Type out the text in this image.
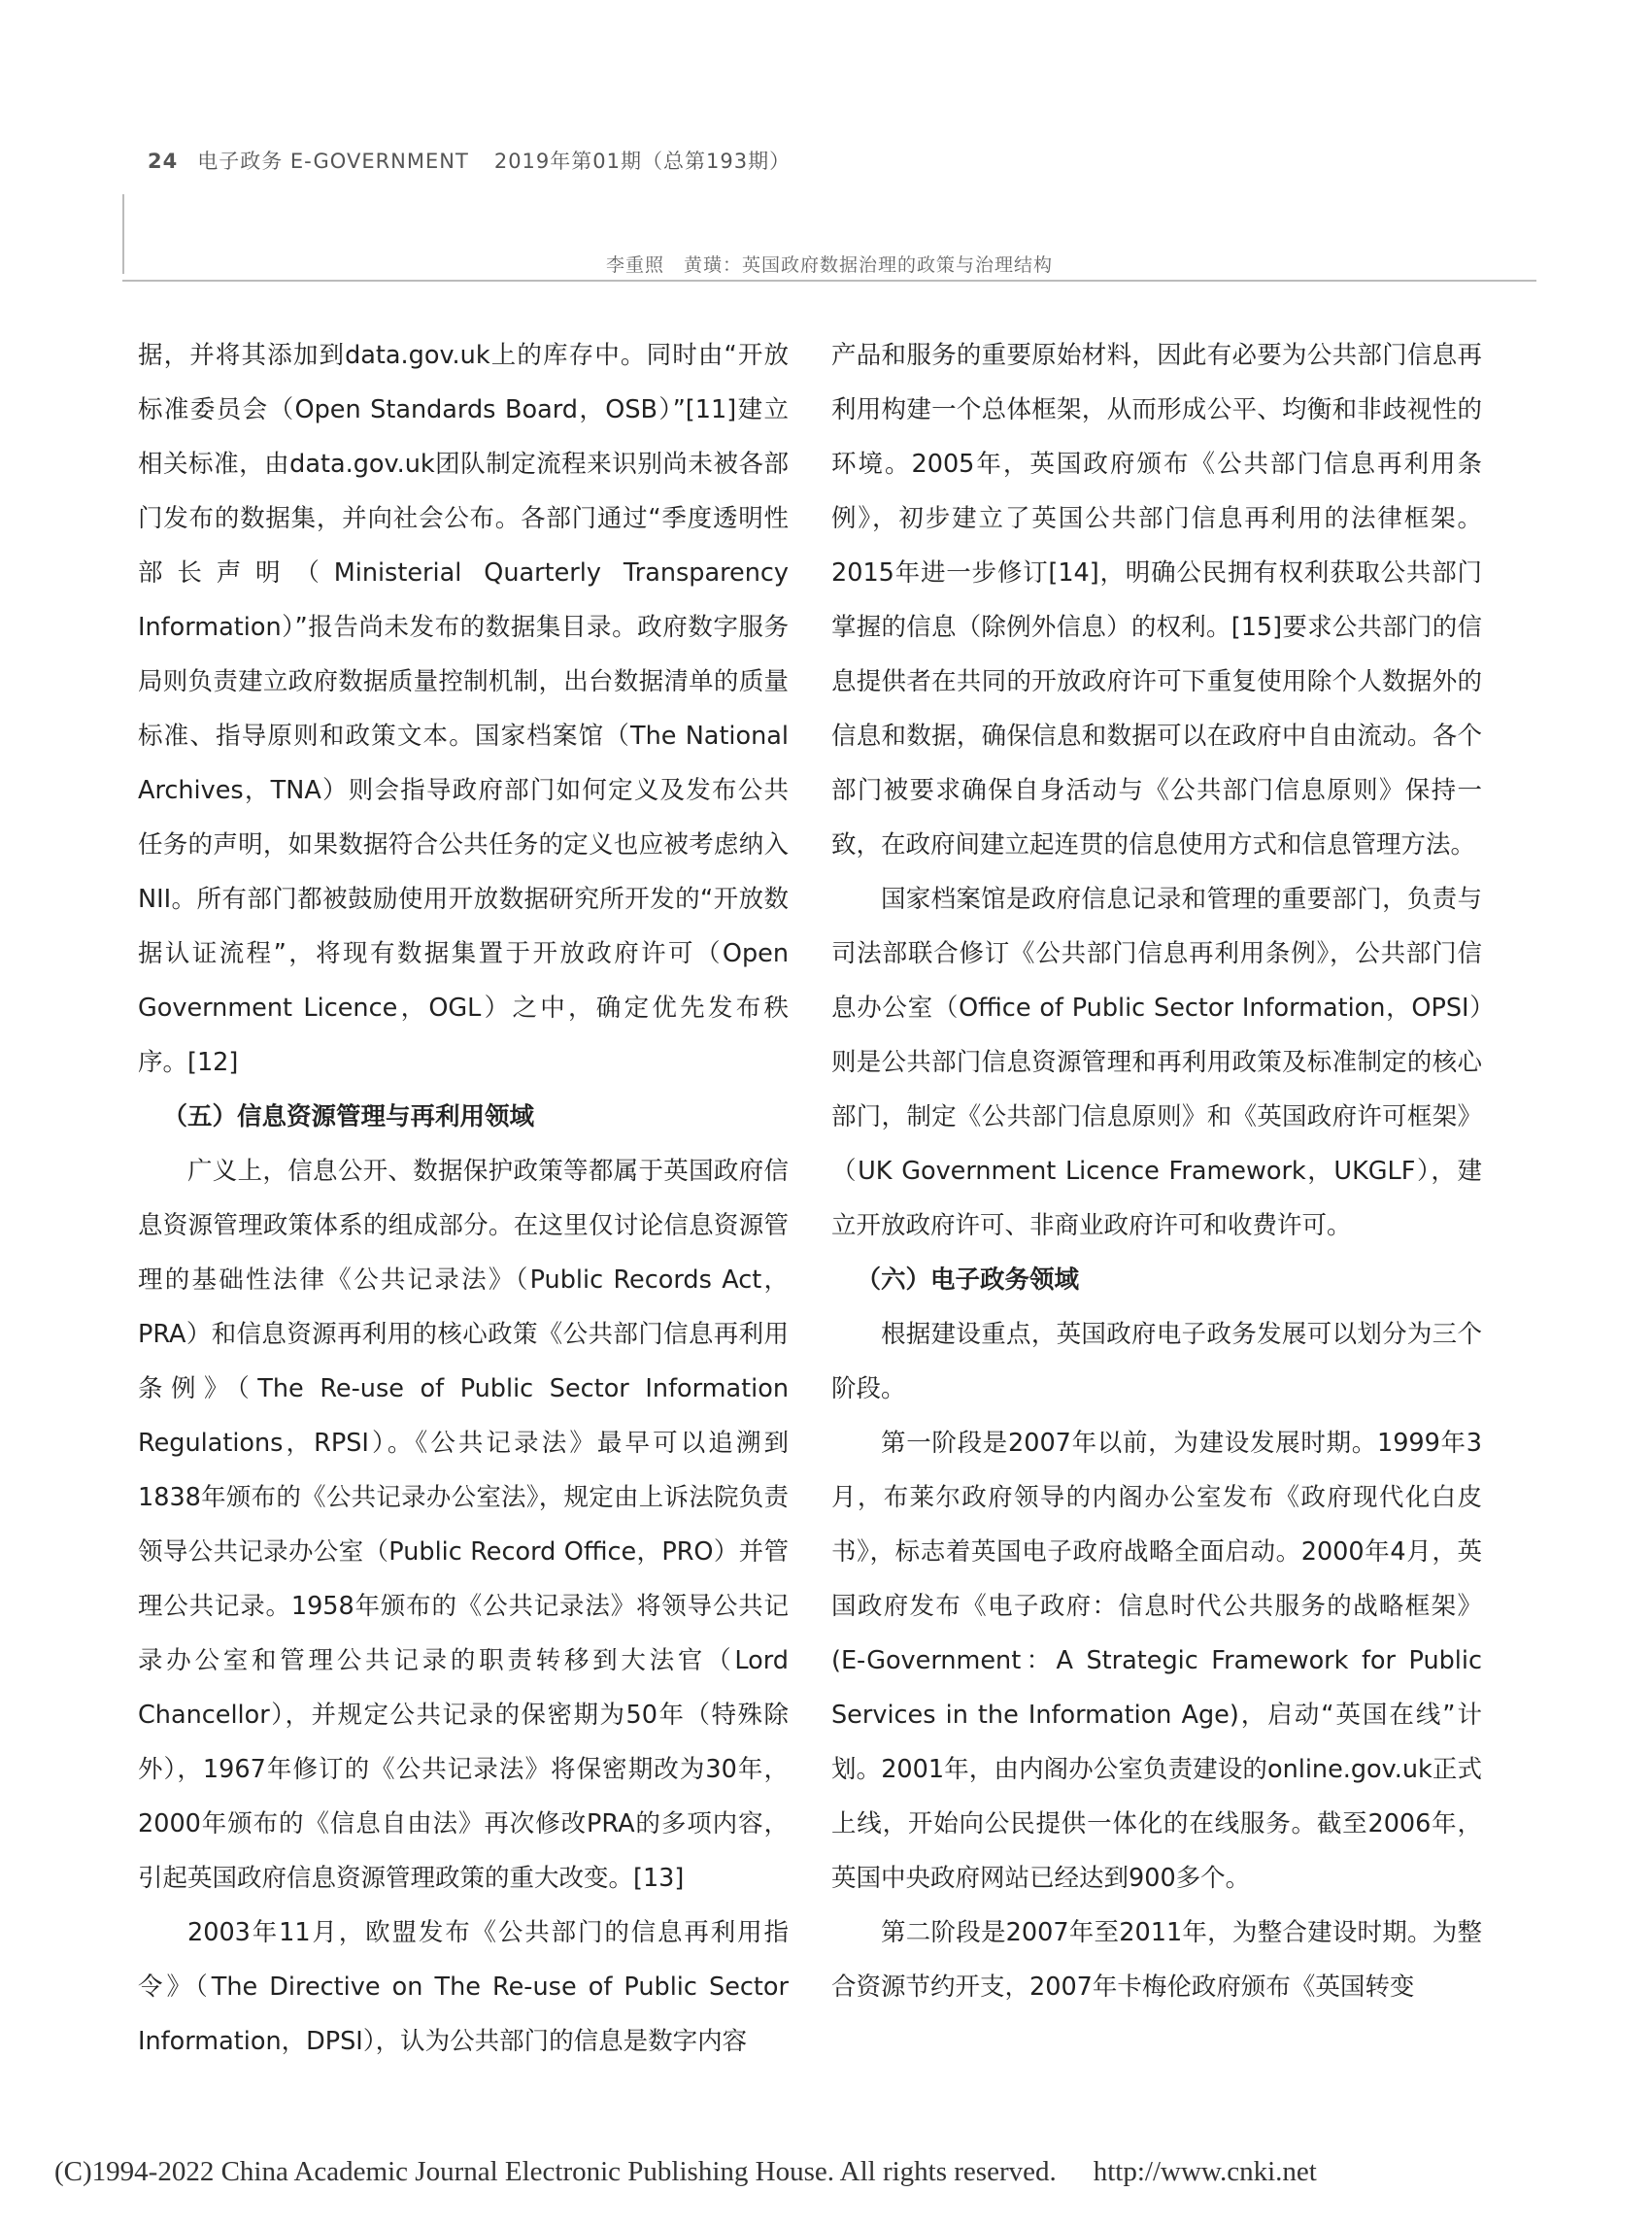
24 电子政务 E-GOVERNMENT 2019年第01期（总第193期）
李重照　黄璜：英国政府数据治理的政策与治理结构

据，并将其添加到data.gov.uk上的库存中。同时由“开放标准委员会（Open Standards Board，OSB）”[11]建立相关标准，由data.gov.uk团队制定流程来识别尚未被各部门发布的数据集，并向社会公布。各部门通过“季度透明性部长声明（Ministerial Quarterly Transparency Information）”报告尚未发布的数据集目录。政府数字服务局则负责建立政府数据质量控制机制，出台数据清单的质量标准、指导原则和政策文本。国家档案馆（The National Archives，TNA）则会指导政府部门如何定义及发布公共任务的声明，如果数据符合公共任务的定义也应被考虑纳入NII。所有部门都被鼓励使用开放数据研究所开发的“开放数据认证流程”，将现有数据集置于开放政府许可（Open Government Licence，OGL）之中，确定优先发布秩序。[12]

（五）信息资源管理与再利用领域

广义上，信息公开、数据保护政策等都属于英国政府信息资源管理政策体系的组成部分。在这里仅讨论信息资源管理的基础性法律《公共记录法》（Public Records Act，PRA）和信息资源再利用的核心政策《公共部门信息再利用条例》（The Re-use of Public Sector Information Regulations，RPSI）。《公共记录法》最早可以追溯到1838年颁布的《公共记录办公室法》，规定由上诉法院负责领导公共记录办公室（Public Record Office，PRO）并管理公共记录。1958年颁布的《公共记录法》将领导公共记录办公室和管理公共记录的职责转移到大法官（Lord Chancellor），并规定公共记录的保密期为50年（特殊除外），1967年修订的《公共记录法》将保密期改为30年，2000年颁布的《信息自由法》再次修改PRA的多项内容，引起英国政府信息资源管理政策的重大改变。[13]

2003年11月，欧盟发布《公共部门的信息再利用指令》（The Directive on The Re-use of Public Sector Information，DPSI），认为公共部门的信息是数字内容

产品和服务的重要原始材料，因此有必要为公共部门信息再利用构建一个总体框架，从而形成公平、均衡和非歧视性的环境。2005年，英国政府颁布《公共部门信息再利用条例》，初步建立了英国公共部门信息再利用的法律框架。2015年进一步修订[14]，明确公民拥有权利获取公共部门掌握的信息（除例外信息）的权利。[15]要求公共部门的信息提供者在共同的开放政府许可下重复使用除个人数据外的信息和数据，确保信息和数据可以在政府中自由流动。各个部门被要求确保自身活动与《公共部门信息原则》保持一致，在政府间建立起连贯的信息使用方式和信息管理方法。

国家档案馆是政府信息记录和管理的重要部门，负责与司法部联合修订《公共部门信息再利用条例》，公共部门信息办公室（Office of Public Sector Information，OPSI）则是公共部门信息资源管理和再利用政策及标准制定的核心部门，制定《公共部门信息原则》和《英国政府许可框架》（UK Government Licence Framework，UKGLF），建立开放政府许可、非商业政府许可和收费许可。

（六）电子政务领域

根据建设重点，英国政府电子政务发展可以划分为三个阶段。

第一阶段是2007年以前，为建设发展时期。1999年3月，布莱尔政府领导的内阁办公室发布《政府现代化白皮书》，标志着英国电子政府战略全面启动。2000年4月，英国政府发布《电子政府：信息时代公共服务的战略框架》(E-Government：A Strategic Framework for Public Services in the Information Age)，启动“英国在线”计划。2001年，由内阁办公室负责建设的online.gov.uk正式上线，开始向公民提供一体化的在线服务。截至2006年，英国中央政府网站已经达到900多个。

第二阶段是2007年至2011年，为整合建设时期。为整合资源节约开支，2007年卡梅伦政府颁布《英国转变

(C)1994-2022 China Academic Journal Electronic Publishing House. All rights reserved. http://www.cnki.net
